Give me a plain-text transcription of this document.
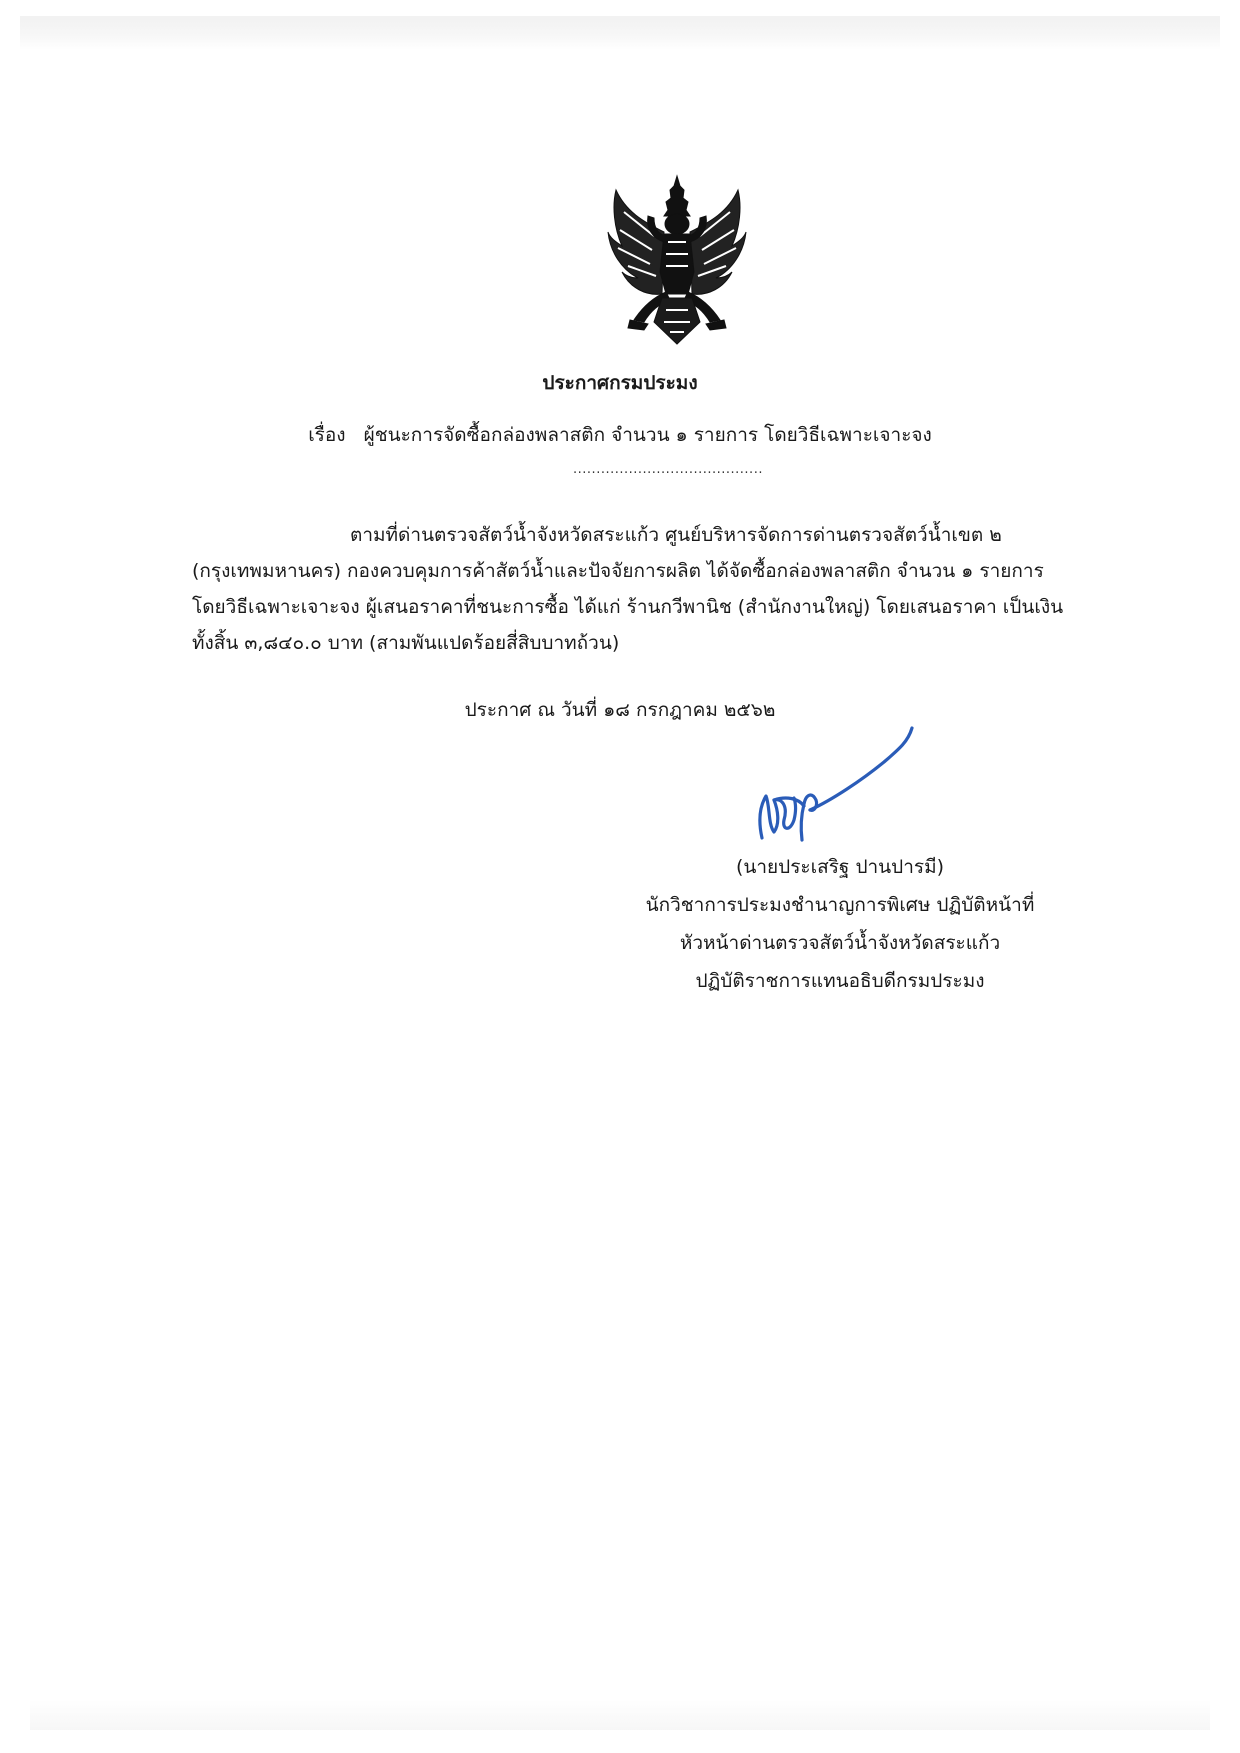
ประกาศกรมประมง
เรื่อง ผู้ชนะการจัดซื้อกล่องพลาสติก จำนวน ๑ รายการ โดยวิธีเฉพาะเจาะจง
.........................................
ตามที่ด่านตรวจสัตว์น้ำจังหวัดสระแก้ว ศูนย์บริหารจัดการด่านตรวจสัตว์น้ำเขต ๒
(กรุงเทพมหานคร) กองควบคุมการค้าสัตว์น้ำและปัจจัยการผลิต ได้จัดซื้อกล่องพลาสติก จำนวน ๑ รายการ
โดยวิธีเฉพาะเจาะจง ผู้เสนอราคาที่ชนะการซื้อ ได้แก่ ร้านกวีพานิช (สำนักงานใหญ่) โดยเสนอราคา เป็นเงิน
ทั้งสิ้น ๓,๘๔๐.๐ บาท (สามพันแปดร้อยสี่สิบบาทถ้วน)
ประกาศ ณ วันที่ ๑๘ กรกฎาคม ๒๕๖๒
(นายประเสริฐ ปานปารมี)
นักวิชาการประมงชำนาญการพิเศษ ปฏิบัติหน้าที่
หัวหน้าด่านตรวจสัตว์น้ำจังหวัดสระแก้ว
ปฏิบัติราชการแทนอธิบดีกรมประมง
